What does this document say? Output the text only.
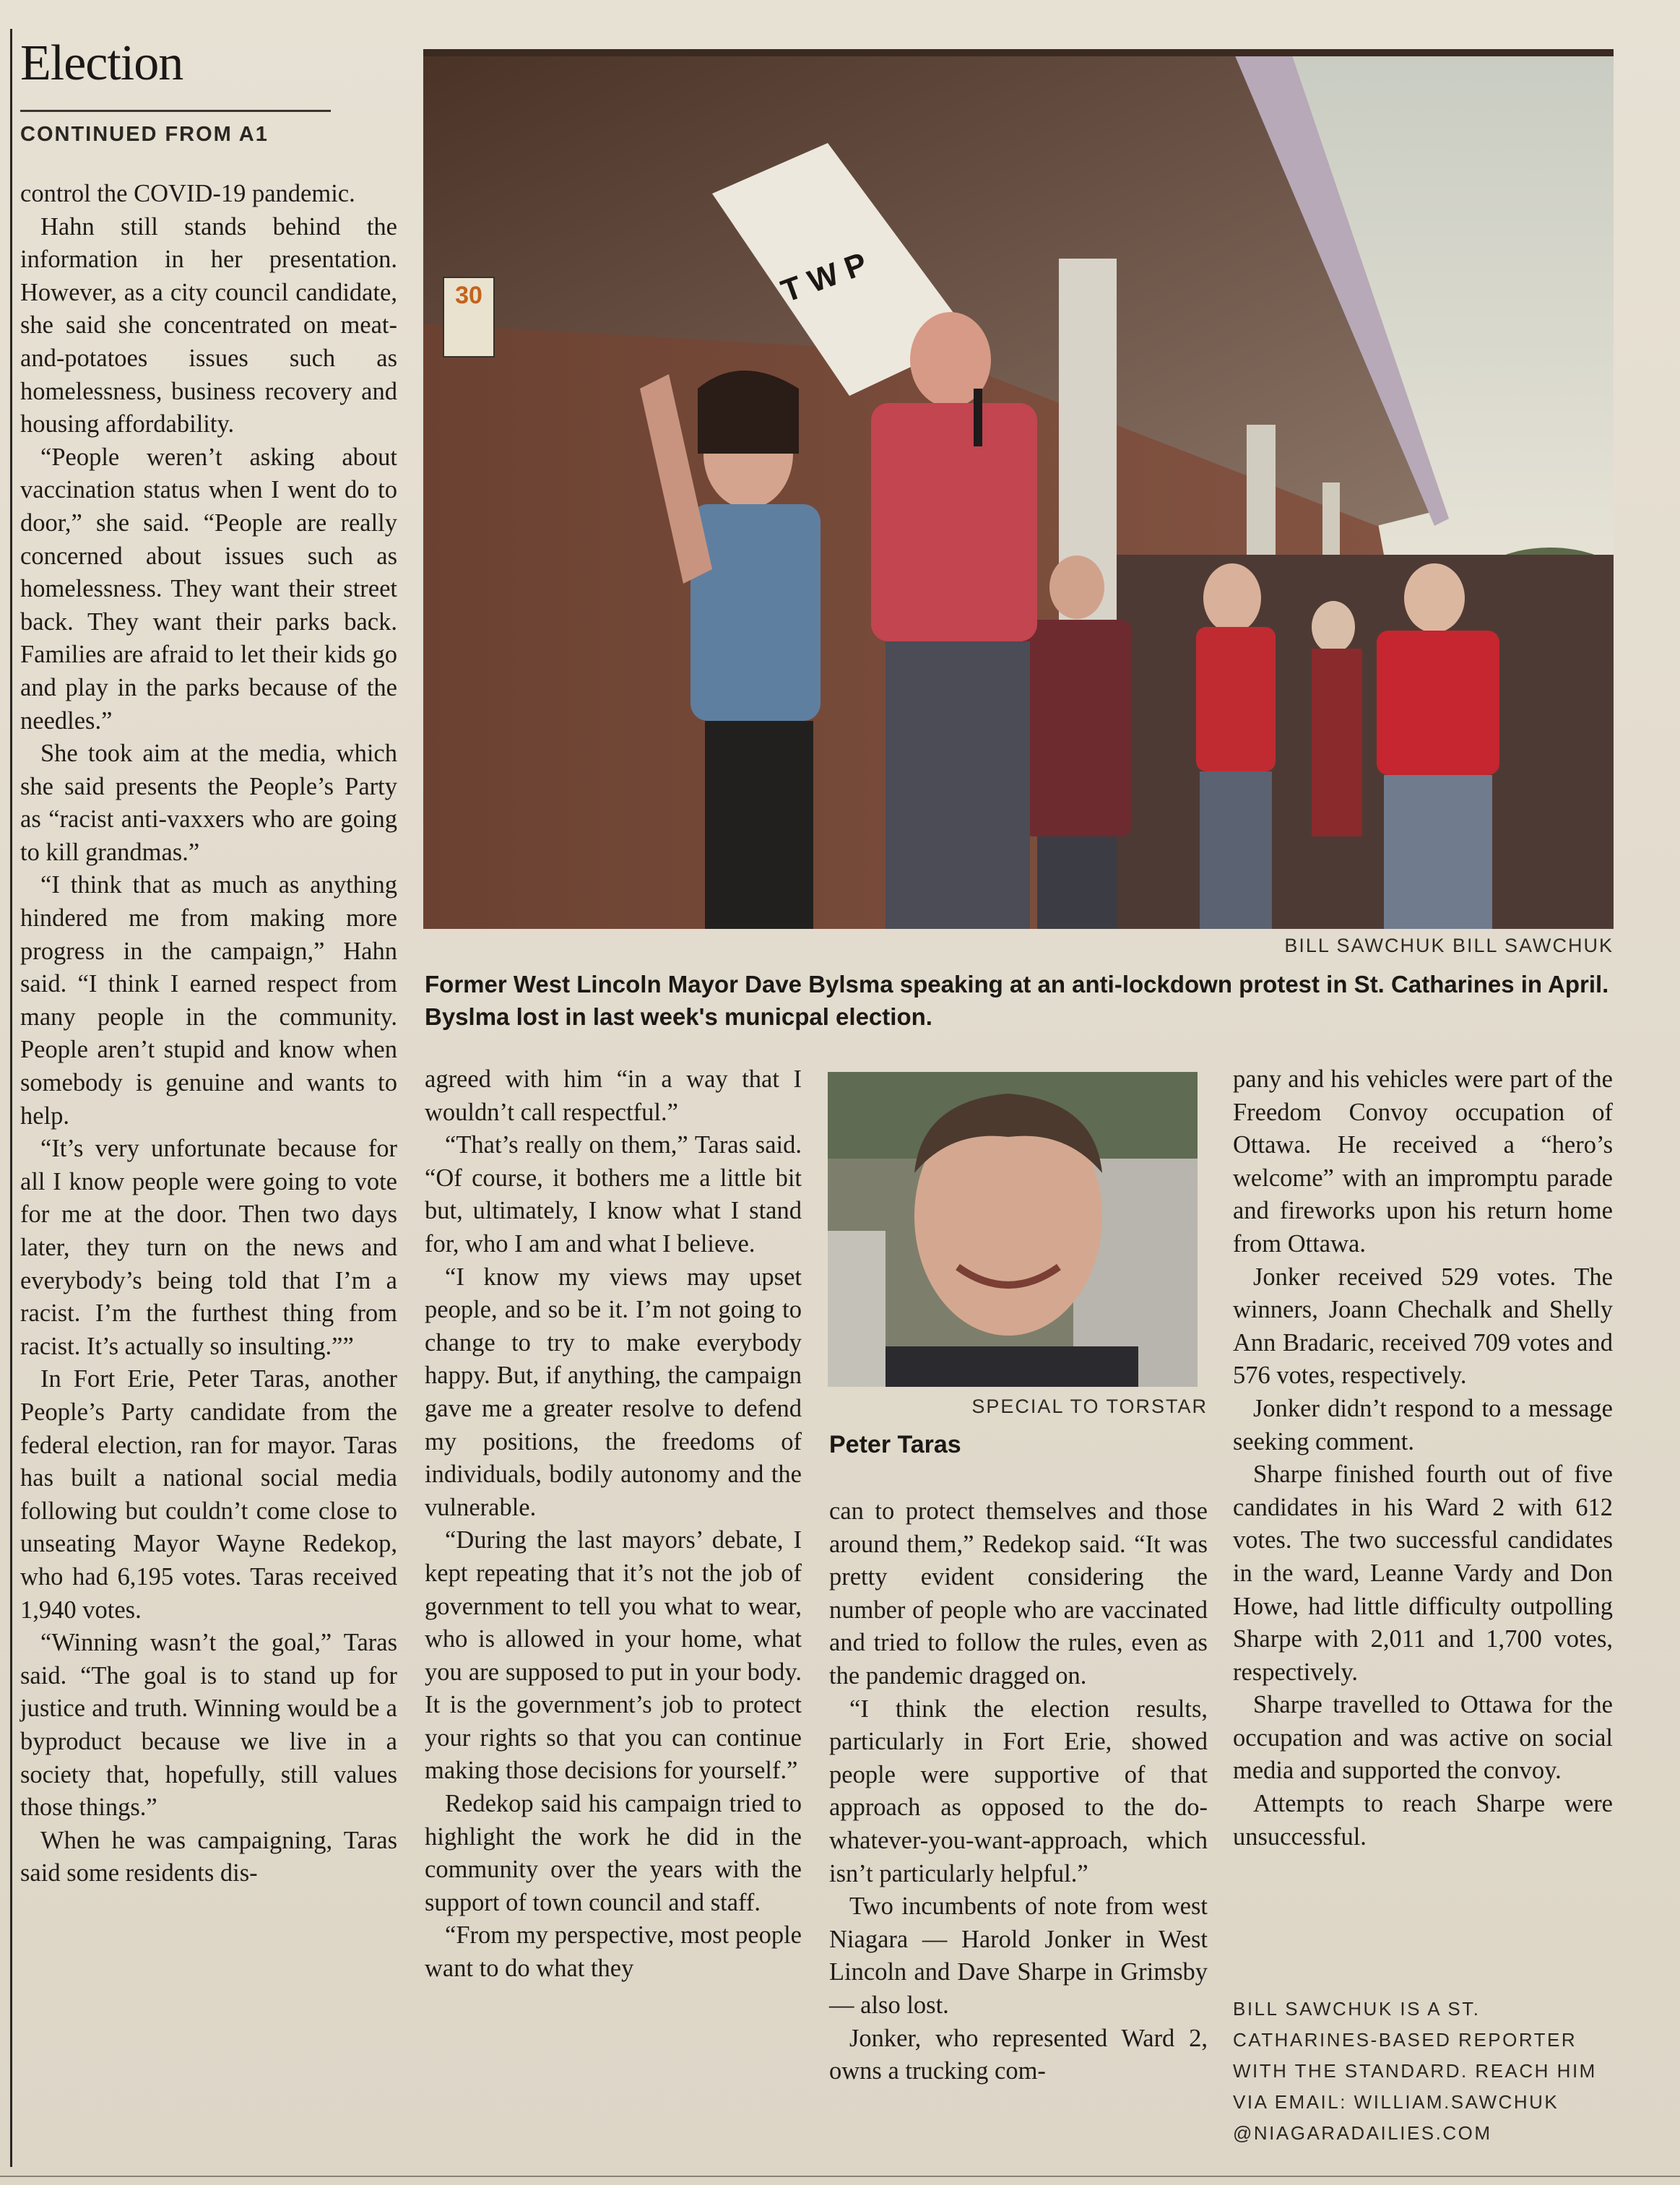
Election
CONTINUED FROM A1

control the COVID-19 pandemic.

Hahn still stands behind the information in her presentation. However, as a city council candidate, she said she concentrated on meat-and-potatoes issues such as homelessness, business recovery and housing affordability.

“People weren’t asking about vaccination status when I went do to door,” she said. “People are really concerned about issues such as homelessness. They want their street back. They want their parks back. Families are afraid to let their kids go and play in the parks because of the needles.”

She took aim at the media, which she said presents the People’s Party as “racist anti-vaxxers who are going to kill grandmas.”

“I think that as much as anything hindered me from making more progress in the campaign,” Hahn said. “I think I earned respect from many people in the community. People aren’t stupid and know when somebody is genuine and wants to help.

“It’s very unfortunate because for all I know people were going to vote for me at the door. Then two days later, they turn on the news and everybody’s being told that I’m a racist. I’m the furthest thing from racist. It’s actually so insulting.””

In Fort Erie, Peter Taras, another People’s Party candidate from the federal election, ran for mayor. Taras has built a national social media following but couldn’t come close to unseating Mayor Wayne Redekop, who had 6,195 votes. Taras received 1,940 votes.

“Winning wasn’t the goal,” Taras said. “The goal is to stand up for justice and truth. Winning would be a byproduct because we live in a society that, hopefully, still values those things.”

When he was campaigning, Taras said some residents dis-

30	T W P
BILL SAWCHUK BILL SAWCHUK
Former West Lincoln Mayor Dave Bylsma speaking at an anti-lockdown protest in St. Catharines in April. Byslma lost in last week's municpal election.

agreed with him “in a way that I wouldn’t call respectful.”

“That’s really on them,” Taras said. “Of course, it bothers me a little bit but, ultimately, I know what I stand for, who I am and what I believe.

“I know my views may upset people, and so be it. I’m not going to change to try to make everybody happy. But, if anything, the campaign gave me a greater resolve to defend my positions, the freedoms of individuals, bodily autonomy and the vulnerable.

“During the last mayors’ debate, I kept repeating that it’s not the job of government to tell you what to wear, who is allowed in your home, what you are supposed to put in your body. It is the government’s job to protect your rights so that you can continue making those decisions for yourself.”

Redekop said his campaign tried to highlight the work he did in the community over the years with the support of town council and staff.

“From my perspective, most people want to do what they

SPECIAL TO TORSTAR
Peter Taras

can to protect themselves and those around them,” Redekop said. “It was pretty evident considering the number of people who are vaccinated and tried to follow the rules, even as the pandemic dragged on.

“I think the election results, particularly in Fort Erie, showed people were supportive of that approach as opposed to the do-whatever-you-want-approach, which isn’t particularly helpful.”

Two incumbents of note from west Niagara — Harold Jonker in West Lincoln and Dave Sharpe in Grimsby — also lost.

Jonker, who represented Ward 2, owns a trucking com-

pany and his vehicles were part of the Freedom Convoy occupation of Ottawa. He received a “hero’s welcome” with an impromptu parade and fireworks upon his return home from Ottawa.

Jonker received 529 votes. The winners, Joann Chechalk and Shelly Ann Bradaric, received 709 votes and 576 votes, respectively.

Jonker didn’t respond to a message seeking comment.

Sharpe finished fourth out of five candidates in his Ward 2 with 612 votes. The two successful candidates in the ward, Leanne Vardy and Don Howe, had little difficulty outpolling Sharpe with 2,011 and 1,700 votes, respectively.

Sharpe travelled to Ottawa for the occupation and was active on social media and supported the convoy.

Attempts to reach Sharpe were unsuccessful.

BILL SAWCHUK IS A ST. CATHARINES-BASED REPORTER WITH THE STANDARD. REACH HIM VIA EMAIL: WILLIAM.SAWCHUK @NIAGARADAILIES.COM
